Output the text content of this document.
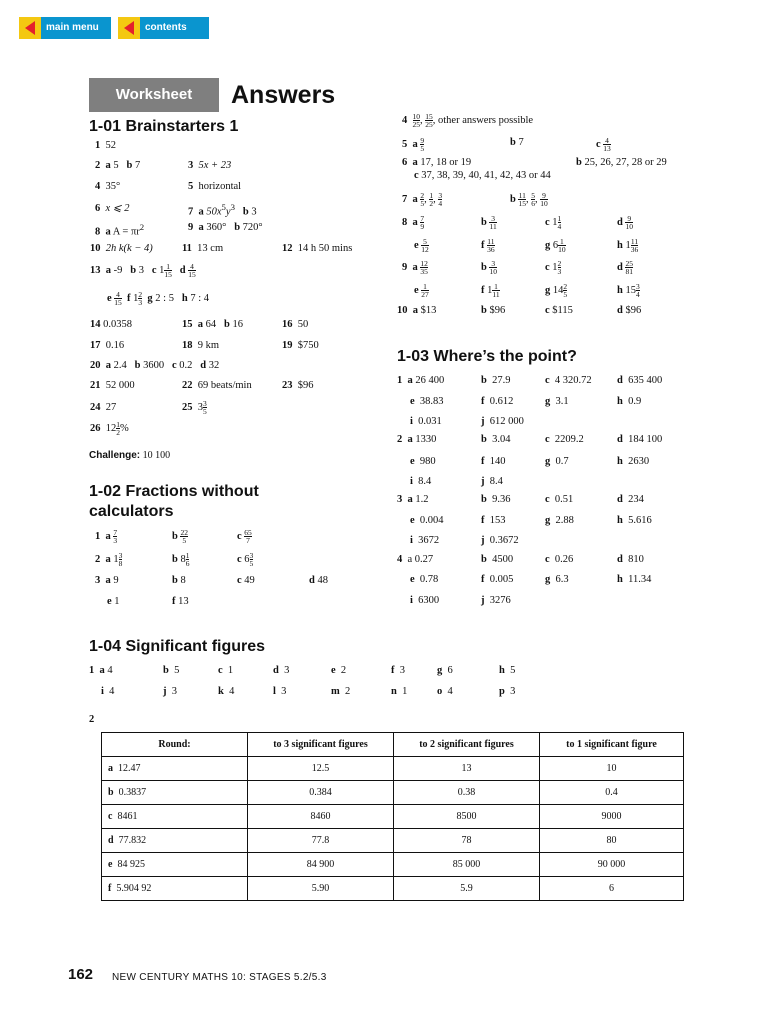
main menu	contents
Worksheet	Answers
1-01 Brainstarters 1
1 52
2 a 5 b 7	3 5x + 23
4 35°	5 horizontal
6 x ⩽ 2	7 a $50x^5y^3$ b 3
8 a $A = \pi r^2$	9 a 360° b 720°
10 2h k(k − 4)	11 13 cm	12 14 h 50 mins
13 a -9 b 3 c $1 \frac{1}{15}$ d $\frac{4}{15}$
e $\frac{4}{15}$ f $1 \frac{2}{3}$ g 2 : 5 h 7 : 4
14 0.0358	15 a 64 b 16	16 50
17 0.16	18 9 km	19 $750
20 a 2.4 b 3600 c 0.2 d 32
21 52 000	22 69 beats/min	23 $96
24 27	25  $3 \frac{3}{5}$
26  $12 \frac{1}{2}$ %
Challenge: 10 100
1-02 Fractions without
calculators
1 a $\frac{7}{3}$	b $\frac{22}{5}$	c $\frac{65}{7}$
2 a $1 \frac{3}{8}$	b $8 \frac{1}{6}$	c $6 \frac{3}{5}$
3 a 9	b 8	c 49	d 48
e 1	f 13
$4 \frac{10}{25}$ , $\frac{15}{25}$ , other answers possible
5 a $\frac{9}{5}$	b 7	c $\frac{4}{13}$
6 a 17, 18 or 19	b 25, 26, 27, 28 or 29
c 37, 38, 39, 40, 41, 42, 43 or 44
7 a $\frac{2}{5}$ , $\frac{1}{2}$ , $\frac{3}{4}$	b $\frac{11}{15}$ , $\frac{5}{6}$ , $\frac{9}{10}$
8 a $\frac{7}{9}$	b $\frac{3}{11}$	c $1 \frac{1}{4}$	d $\frac{9}{10}$
e $\frac{5}{12}$	f $\frac{11}{36}$	g $6 \frac{1}{10}$	h $1 \frac{11}{36}$
9 a $\frac{12}{35}$	b $\frac{3}{10}$	c $1 \frac{2}{3}$	d $\frac{25}{81}$
e $\frac{1}{27}$	f $1 \frac{1}{11}$	g $14 \frac{2}{5}$	h $15 \frac{3}{4}$
10 a $13	b $96	c $115	d $96
1-03 Where’s the point?
1 a 26 400	b 27.9	c 4 320.72 d 635 400
e 38.83	f 0.612	g 3.1	h 0.9
i 0.031	j 612 000
2 a 1330	b 3.04	c 2209.2	d 184 100
e 980	f 140	g 0.7	h 2630
i 8.4	j 8.4
3 a 1.2	b 9.36	c 0.51	d 234
e 0.004	f 153	g 2.88	h 5.616
i 3672	j 0.3672
4  a 0.27	b 4500	c 0.26	d 810
e 0.78	f 0.005	g 6.3	h 11.34
i 6300	j 3276
1-04 Significant figures
1 a 4	b 5	c 1	d 3	e 2	f 3	g 6	h 5
i 4	j 3	k 4	l 3	m 2	n 1	o 4	p 3
2
Round:	to 3 significant figures	to 2 significant figures	to 1 significant figure
a 12.47	12.5	13	10
b 0.3837	0.384	0.38	0.4
c 8461	8460	8500	9000
d 77.832	77.8	78	80
e 84 925	84 900	85 000	90 000
f 5.904 92	5.90	5.9	6
162 NEW CENTURY MATHS 10: STAGES 5.2/5.3
